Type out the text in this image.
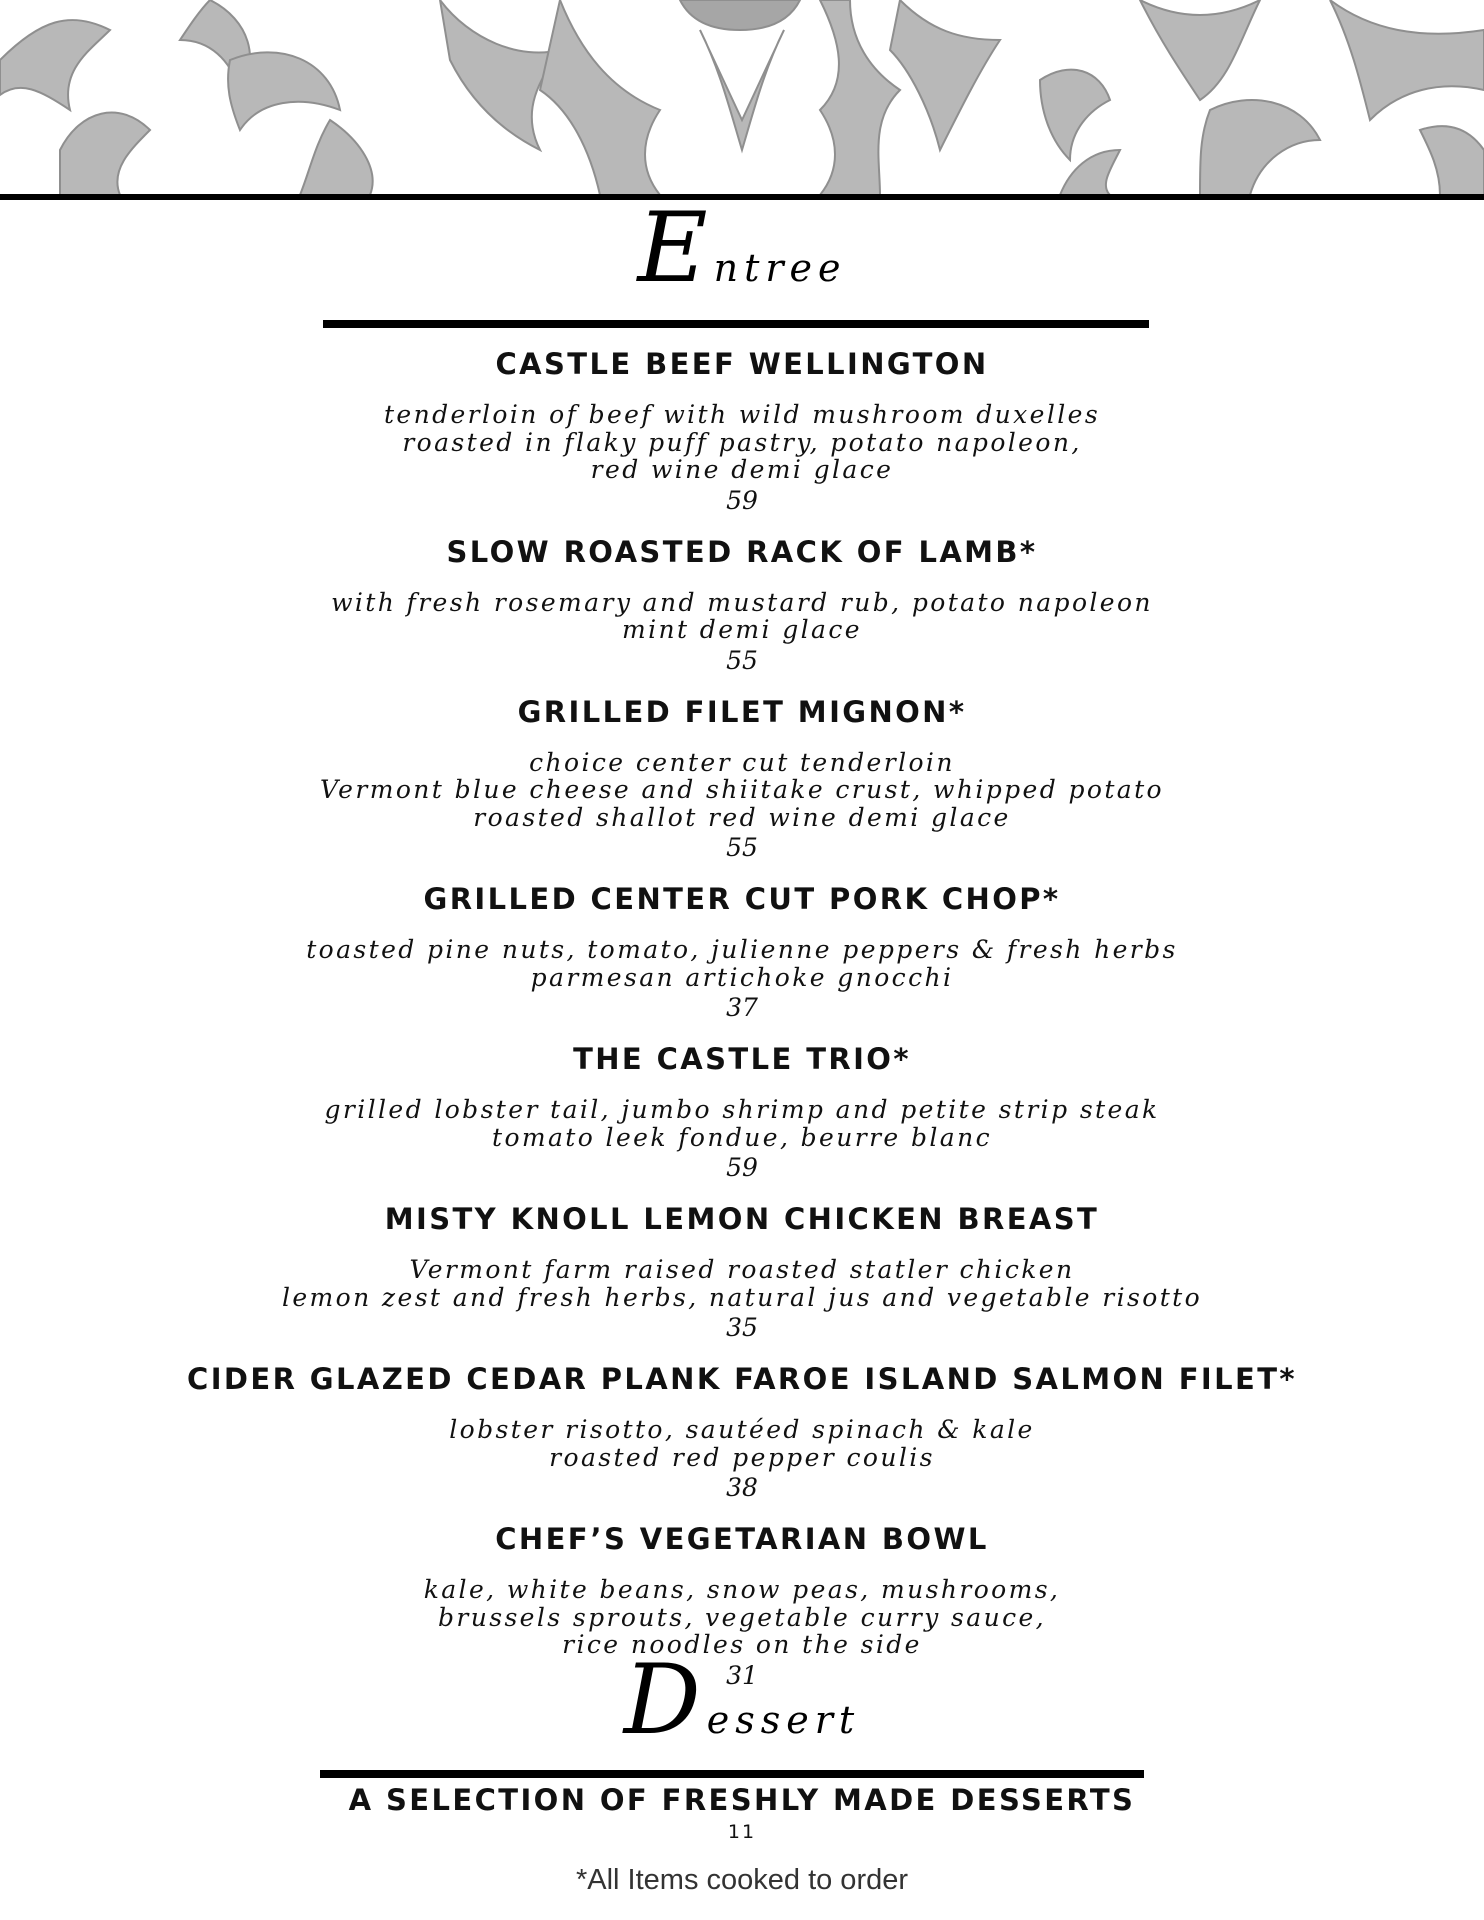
Entree
CASTLE BEEF WELLINGTON
tenderloin of beef with wild mushroom duxelles
roasted in flaky puff pastry, potato napoleon,
red wine demi glace
59
SLOW ROASTED RACK OF LAMB*
with fresh rosemary and mustard rub, potato napoleon
mint demi glace
55
GRILLED FILET MIGNON*
choice center cut tenderloin
Vermont blue cheese and shiitake crust, whipped potato
roasted shallot red wine demi glace
55
GRILLED CENTER CUT PORK CHOP*
toasted pine nuts, tomato, julienne peppers & fresh herbs
parmesan artichoke gnocchi
37
THE CASTLE TRIO*
grilled lobster tail, jumbo shrimp and petite strip steak
tomato leek fondue, beurre blanc
59
MISTY KNOLL LEMON CHICKEN BREAST
Vermont farm raised roasted statler chicken
lemon zest and fresh herbs, natural jus and vegetable risotto
35
CIDER GLAZED CEDAR PLANK FAROE ISLAND SALMON FILET*
lobster risotto, sautéed spinach & kale
roasted red pepper coulis
38
CHEF’S VEGETARIAN BOWL
kale, white beans, snow peas, mushrooms,
brussels sprouts, vegetable curry sauce,
rice noodles on the side
31
Dessert
A SELECTION OF FRESHLY MADE DESSERTS
11
*All Items cooked to order
